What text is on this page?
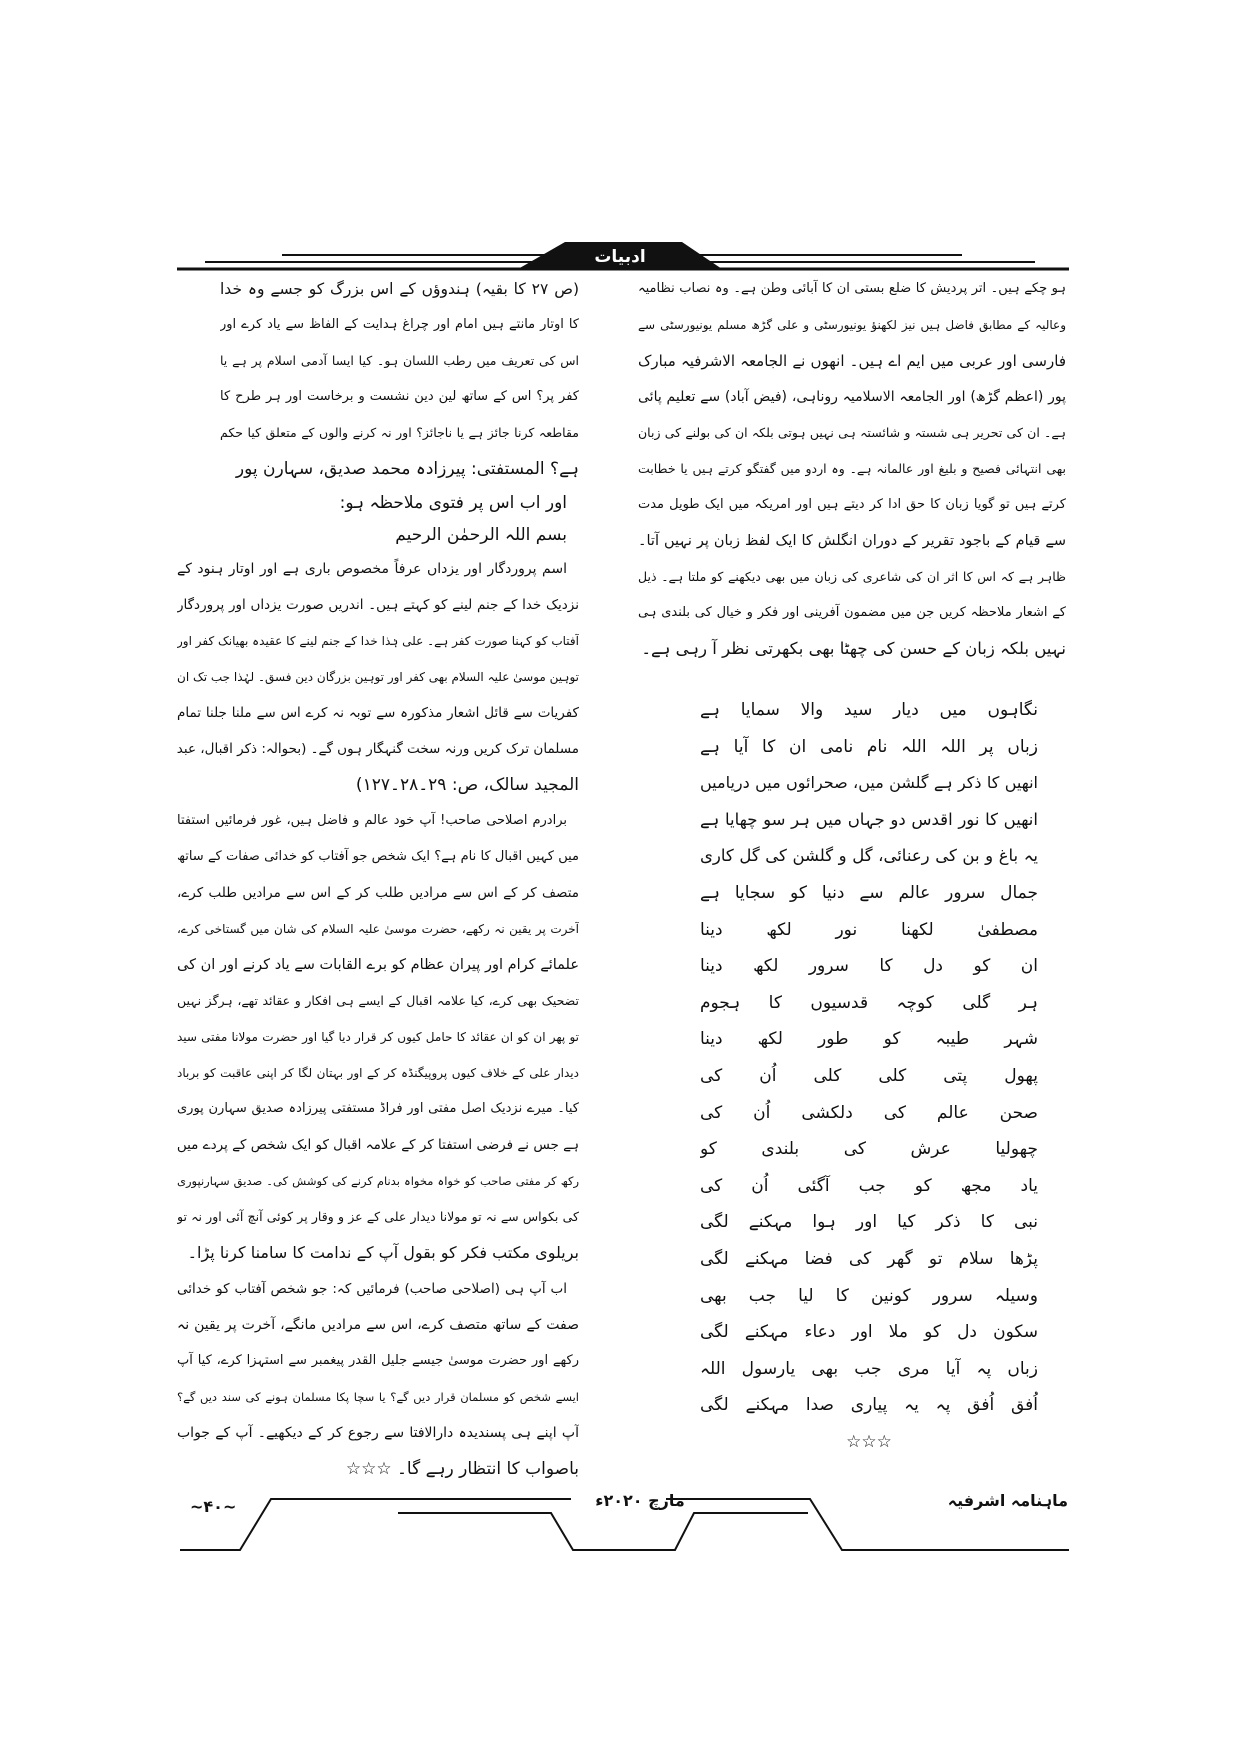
ادبیات
(ص ۲۷ کا بقیہ) ہندوؤں کے اس بزرگ کو جسے وہ خدا
کا اوتار مانتے ہیں امام اور چراغ ہدایت کے الفاظ سے یاد کرے اور
اس کی تعریف میں رطب اللسان ہو۔ کیا ایسا آدمی اسلام پر ہے یا
کفر پر؟ اس کے ساتھ لین دین نشست و برخاست اور ہر طرح کا
مقاطعہ کرنا جائز ہے یا ناجائز؟ اور نہ کرنے والوں کے متعلق کیا حکم
ہے؟ المستفتی: پیرزادہ محمد صدیق، سہارن پور
اور اب اس پر فتوی ملاحظہ ہو:
بسم اللہ الرحمٰن الرحیم
اسم پروردگار اور یزداں عرفاً مخصوص باری ہے اور اوتار ہنود کے
نزدیک خدا کے جنم لینے کو کہتے ہیں۔ اندریں صورت یزداں اور پروردگار
آفتاب کو کہنا صورت کفر ہے۔ علی ہٰذا خدا کے جنم لینے کا عقیدہ بھیانک کفر اور
توہین موسیٰ علیہ السلام بھی کفر اور توہین بزرگان دین فسق۔ لہٰذا جب تک ان
کفریات سے قائل اشعار مذکورہ سے توبہ نہ کرے اس سے ملنا جلنا تمام
مسلمان ترک کریں ورنہ سخت گنہگار ہوں گے۔ (بحوالہ: ذکر اقبال، عبد
المجید سالک، ص: ۲۹۔۲۸۔۱۲۷)
برادرم اصلاحی صاحب! آپ خود عالم و فاضل ہیں، غور فرمائیں استفتا
میں کہیں اقبال کا نام ہے؟ ایک شخص جو آفتاب کو خدائی صفات کے ساتھ
متصف کر کے اس سے مرادیں طلب کر کے اس سے مرادیں طلب کرے،
آخرت پر یقین نہ رکھے، حضرت موسیٰ علیہ السلام کی شان میں گستاخی کرے،
علمائے کرام اور پیران عظام کو برے القابات سے یاد کرنے اور ان کی
تضحیک بھی کرے، کیا علامہ اقبال کے ایسے ہی افکار و عقائد تھے، ہرگز نہیں
تو پھر ان کو ان عقائد کا حامل کیوں کر قرار دیا گیا اور حضرت مولانا مفتی سید
دیدار علی کے خلاف کیوں پروپیگنڈہ کر کے اور بہتان لگا کر اپنی عاقبت کو برباد
کیا۔ میرے نزدیک اصل مفتی اور فراڈ مستفتی پیرزادہ صدیق سہارن پوری
ہے جس نے فرضی استفتا کر کے علامہ اقبال کو ایک شخص کے پردے میں
رکھ کر مفتی صاحب کو خواہ مخواہ بدنام کرنے کی کوشش کی۔ صدیق سہارنپوری
کی بکواس سے نہ تو مولانا دیدار علی کے عز و وقار پر کوئی آنچ آئی اور نہ تو
بریلوی مکتب فکر کو بقول آپ کے ندامت کا سامنا کرنا پڑا۔
اب آپ ہی (اصلاحی صاحب) فرمائیں کہ: جو شخص آفتاب کو خدائی
صفت کے ساتھ متصف کرے، اس سے مرادیں مانگے، آخرت پر یقین نہ
رکھے اور حضرت موسیٰ جیسے جلیل القدر پیغمبر سے استہزا کرے، کیا آپ
ایسے شخص کو مسلمان قرار دیں گے؟ یا سچا پکا مسلمان ہونے کی سند دیں گے؟
آپ اپنے ہی پسندیدہ دارالافتا سے رجوع کر کے دیکھیے۔ آپ کے جواب
باصواب کا انتظار رہے گا۔ ☆☆☆
ہو چکے ہیں۔ اتر پردیش کا ضلع بستی ان کا آبائی وطن ہے۔ وہ نصاب نظامیہ
وعالیہ کے مطابق فاضل ہیں نیز لکھنؤ یونیورسٹی و علی گڑھ مسلم یونیورسٹی سے
فارسی اور عربی میں ایم اے ہیں۔ انھوں نے الجامعہ الاشرفیہ مبارک
پور (اعظم گڑھ) اور الجامعہ الاسلامیہ روناہی، (فیض آباد) سے تعلیم پائی
ہے۔ ان کی تحریر ہی شستہ و شائستہ ہی نہیں ہوتی بلکہ ان کی بولنے کی زبان
بھی انتہائی فصیح و بلیغ اور عالمانہ ہے۔ وہ اردو میں گفتگو کرتے ہیں یا خطابت
کرتے ہیں تو گویا زبان کا حق ادا کر دیتے ہیں اور امریکہ میں ایک طویل مدت
سے قیام کے باجود تقریر کے دوران انگلش کا ایک لفظ زبان پر نہیں آتا۔
ظاہر ہے کہ اس کا اثر ان کی شاعری کی زبان میں بھی دیکھنے کو ملتا ہے۔ ذیل
کے اشعار ملاحظہ کریں جن میں مضمون آفرینی اور فکر و خیال کی بلندی ہی
نہیں بلکہ زبان کے حسن کی چھٹا بھی بکھرتی نظر آ رہی ہے۔
نگاہوں میں دیار سید والا سمایا ہے
زباں پر اللہ اللہ نام نامی ان کا آیا ہے
انھیں کا ذکر ہے گلشن میں، صحرائوں میں دریامیں
انھیں کا نور اقدس دو جہاں میں ہر سو چھایا ہے
یہ باغ و بن کی رعنائی، گل و گلشن کی گل کاری
جمال سرور عالم سے دنیا کو سجایا ہے
مصطفیٰ لکھنا نور لکھ دینا
ان کو دل کا سرور لکھ دینا
ہر گلی کوچہ قدسیوں کا ہجوم
شہر طیبہ کو طور لکھ دینا
پھول پتی کلی کلی اُن کی
صحن عالم کی دلکشی اُن کی
چھولیا عرش کی بلندی کو
یاد مجھ کو جب آگئی اُن کی
نبی کا ذکر کیا اور ہوا مہکنے لگی
پڑھا سلام تو گھر کی فضا مہکنے لگی
وسیلہ سرور کونین کا لیا جب بھی
سکون دل کو ملا اور دعاء مہکنے لگی
زباں پہ آیا مری جب بھی یارسول اللہ
اُفق اُفق پہ یہ پیاری صدا مہکنے لگی
☆☆☆
~۴۰~	مارچ ۲۰۲۰ء	ماہنامہ اشرفیہ
